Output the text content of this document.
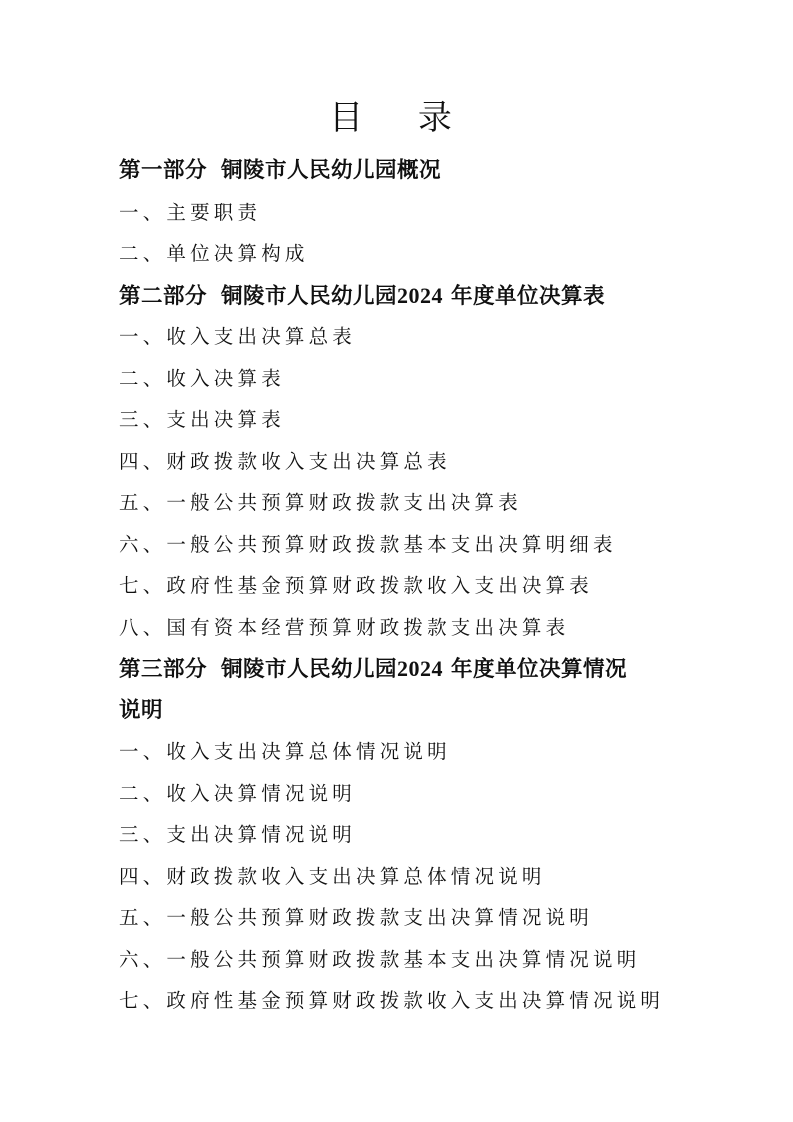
目 录
第一部分 铜陵市人民幼儿园概况
一、主要职责
二、单位决算构成
第二部分 铜陵市人民幼儿园2024 年度单位决算表
一、收入支出决算总表
二、收入决算表
三、支出决算表
四、财政拨款收入支出决算总表
五、一般公共预算财政拨款支出决算表
六、一般公共预算财政拨款基本支出决算明细表
七、政府性基金预算财政拨款收入支出决算表
八、国有资本经营预算财政拨款支出决算表
第三部分 铜陵市人民幼儿园2024 年度单位决算情况
说明
一、收入支出决算总体情况说明
二、收入决算情况说明
三、支出决算情况说明
四、财政拨款收入支出决算总体情况说明
五、一般公共预算财政拨款支出决算情况说明
六、一般公共预算财政拨款基本支出决算情况说明
七、政府性基金预算财政拨款收入支出决算情况说明
